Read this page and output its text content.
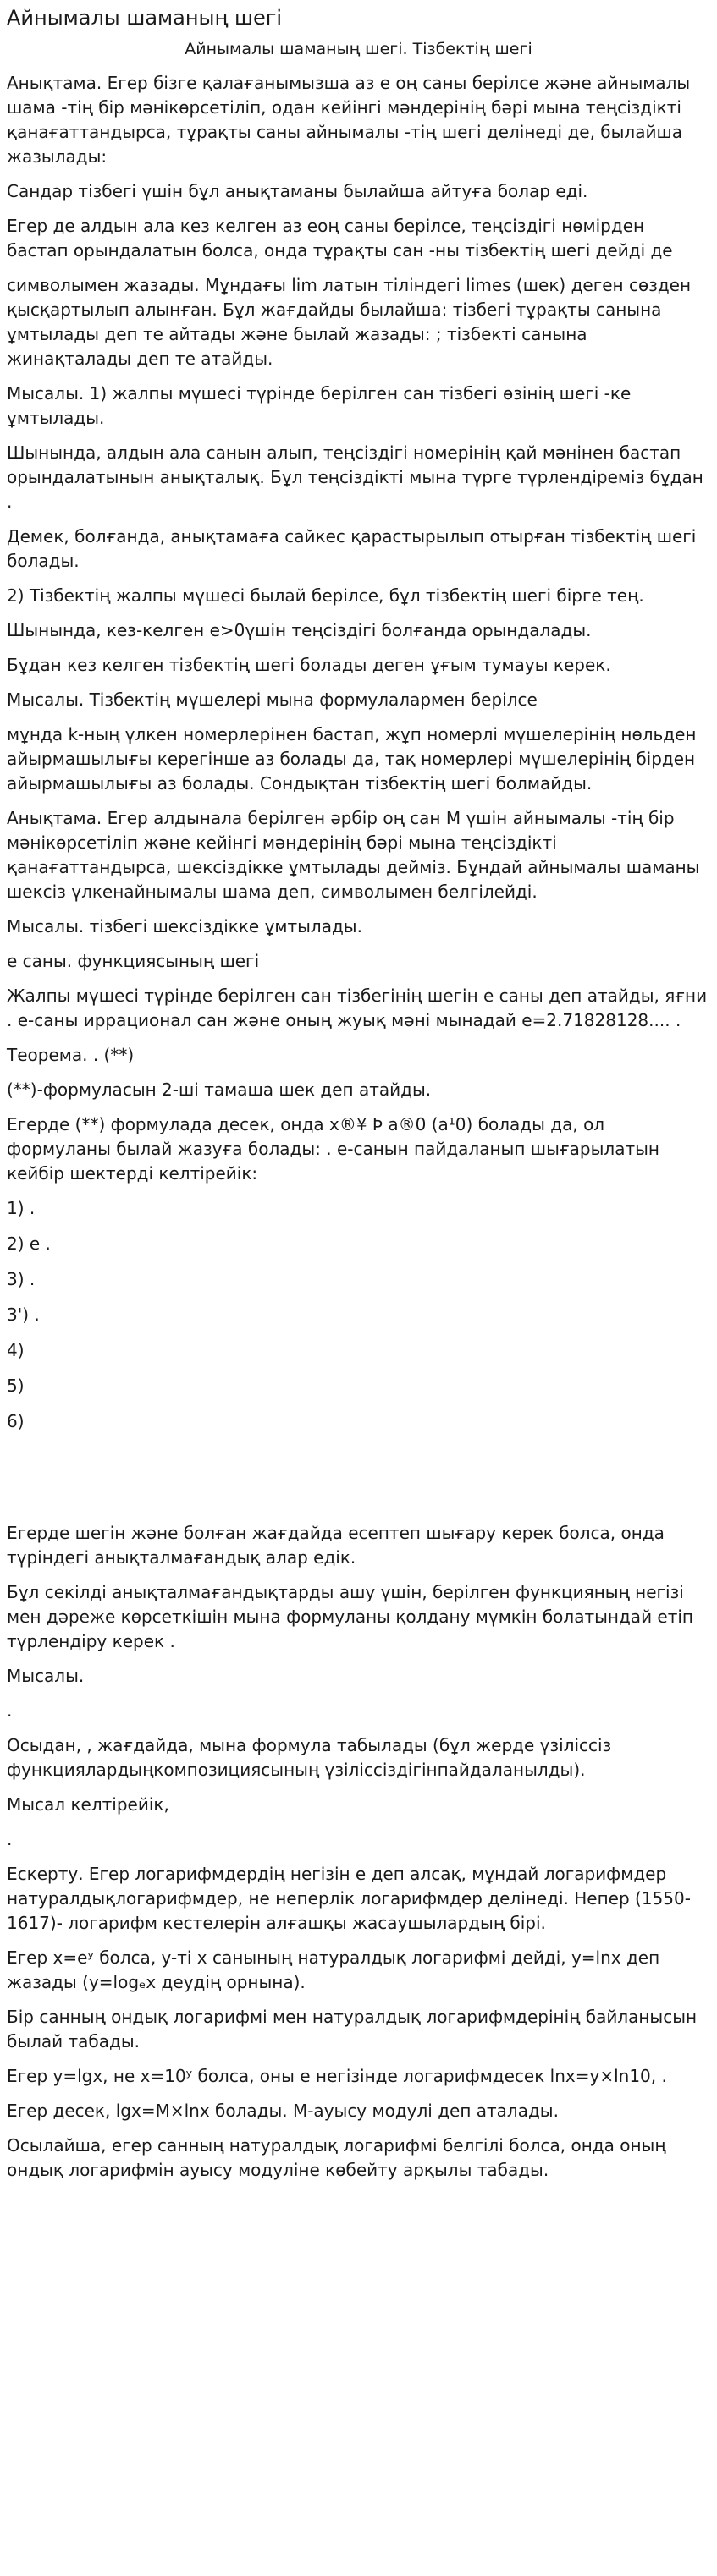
Айнымалы шаманың шегі
Айнымалы шаманың шегі. Тізбектің шегі

Анықтама. Егер бізге қалағанымызша аз е оң саны берілсе және айнымалы шама -тің бір мәнікөрсетіліп, одан кейінгі мәндерінің бәрі мына теңсіздікті қанағаттандырса, тұрақты саны айнымалы -тің шегі делінеді де, былайша жазылады:

Сандар тізбегі үшін бұл анықтаманы былайша айтуға болар еді.

Егер де алдын ала кез келген аз еоң саны берілсе, теңсіздігі нөмірден бастап орындалатын болса, онда тұрақты сан -ны тізбектің шегі дейді де

символымен жазады. Мұндағы lim латын тіліндегі limes (шек) деген сөзден қысқартылып алынған. Бұл жағдайды былайша: тізбегі тұрақты санына ұмтылады деп те айтады және былай жазады: ; тізбекті санына жинақталады деп те атайды.

Мысалы. 1) жалпы мүшесі түрінде берілген сан тізбегі өзінің шегі -ке ұмтылады.

Шынында, алдын ала санын алып, теңсіздігі номерінің қай мәнінен бастап орындалатынын анықталық. Бұл теңсіздікті мына түрге түрлендіреміз бұдан .

Демек, болғанда, анықтамаға сайкес қарастырылып отырған тізбектің шегі болады.

2) Тізбектің жалпы мүшесі былай берілсе, бұл тізбектің шегі бірге тең.

Шынында, кез-келген e>0үшін теңсіздігі болғанда орындалады.

Бұдан кез келген тізбектің шегі болады деген ұғым тумауы керек.

Мысалы. Тізбектің мүшелері мына формулалармен берілсе

мұнда k-ның үлкен номерлерінен бастап, жұп номерлі мүшелерінің нөльден айырмашылығы керегінше аз болады да, тақ номерлері мүшелерінің бірден айырмашылығы аз болады. Сондықтан тізбектің шегі болмайды.

Анықтама. Егер алдынала берілген әрбір оң сан M үшін айнымалы -тің бір мәнікөрсетіліп және кейінгі мәндерінің бәрі мына теңсіздікті қанағаттандырса, шексіздікке ұмтылады дейміз. Бұндай айнымалы шаманы шексіз үлкенайнымалы шама деп, символымен белгілейді.

Мысалы. тізбегі шексіздікке ұмтылады.

е саны. функциясының шегі

Жалпы мүшесі түрінде берілген сан тізбегінің шегін е саны деп атайды, яғни . е-саны иррационал сан және оның жуық мәні мынадай е=2.71828128.... .

Теорема. . (**)

(**)-формуласын 2-ші тамаша шек деп атайды.

Егерде (**) формулада десек, онда x®¥ Þ a®0 (a¹0) болады да, ол формуланы былай жазуға болады: . е-санын пайдаланып шығарылатын кейбір шектерді келтірейік:

1) .
2) е .
3) .
3') .
4)
5)
6)

Егерде шегін және болған жағдайда есептеп шығару керек болса, онда түріндегі анықталмағандық алар едік.

Бұл секілді анықталмағандықтарды ашу үшін, берілген функцияның негізі мен дәреже көрсеткішін мына формуланы қолдану мүмкін болатындай етіп түрлендіру керек .

Мысалы.

.

Осыдан, , жағдайда, мына формула табылады (бұл жерде үзіліссіз функциялардыңкомпозициясының үзіліссіздігінпайдаланылды).

Мысал келтірейік,

.

Ескерту. Егер логарифмдердің негізін е деп алсақ, мұндай логарифмдер натуралдықлогарифмдер, не неперлік логарифмдер делінеді. Непер (1550-1617)- логарифм кестелерін алғашқы жасаушылардың бірі.

Егер x=eʸ болса, y-ті x санының натуралдық логарифмі дейді, y=lnx деп жазады (y=logₑx деудің орнына).

Бір санның ондық логарифмі мен натуралдық логарифмдерінің байланысын былай табады.

Егер y=lgx, не x=10ʸ болса, оны е негізінде логарифмдесек lnx=y×ln10, .

Егер десек, lgx=M×lnx болады. М-ауысу модулі деп аталады.

Осылайша, егер санның натуралдық логарифмі белгілі болса, онда оның ондық логарифмін ауысу модуліне көбейту арқылы табады.
